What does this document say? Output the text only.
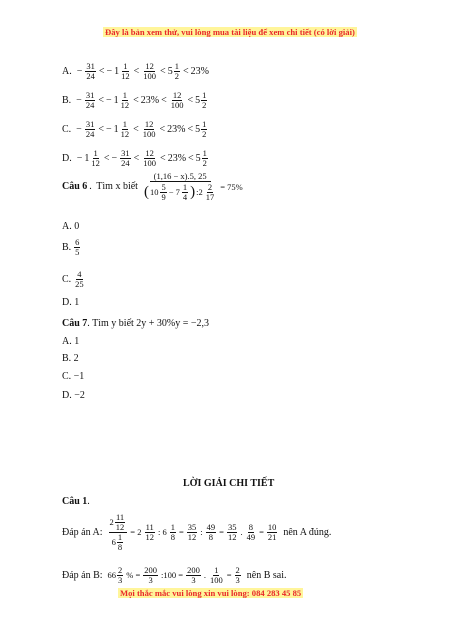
Đây là bản xem thử, vui lòng mua tài liệu để xem chi tiết (có lời giải)
A. − $\frac{31}{24}$ < − $1 \frac{1}{12} < \frac{12}{100} < 5 \frac{1}{2} < 23\%$
B. − $\frac{31}{24}$ < − $1 \frac{1}{12} < 23\% < \frac{12}{100} < 5 \frac{1}{2}$
C. − $\frac{31}{24}$ < − $1 \frac{1}{12} < \frac{12}{100} < 23\% < 5 \frac{1}{2}$
D. − $1 \frac{1}{12}$ < − $\frac{31}{24} < \frac{12}{100} < 23\% < 5 \frac{1}{2}$
Câu 6 . Tìm x biết
(1,16 − x).5, 25
( $10 \frac{5}{9} - 7 \frac{1}{4}$ ) :2 $\frac{2}{17} = 75\%$
A. 0
B. $\frac{6}{5}$
C. $\frac{4}{25}$
D. 1
Câu 7. Tìm y biết 2y + 30%y = −2,3
A. 1
B. 2
C. −1
D. −2
LỜI GIẢI CHI TIẾT
Câu 1.
Đáp án A: $\frac{2 \frac{11}{12}}{6 \frac{1}{8}} = 2 \frac{11}{12}$ : $6 \frac{1}{8} = \frac{35}{12}$ : $\frac{49}{8} = \frac{35}{12}$ . $\frac{8}{49} = \frac{10}{21}$ nên A đúng.
Đáp án B: $66 \frac{2}{3}$ % = $\frac{200}{3}$ :100 = $\frac{200}{3}$ . $\frac{1}{100} = \frac{2}{3}$ nên B sai.
Mọi thắc mắc vui lòng xin vui lòng: 084 283 45 85
